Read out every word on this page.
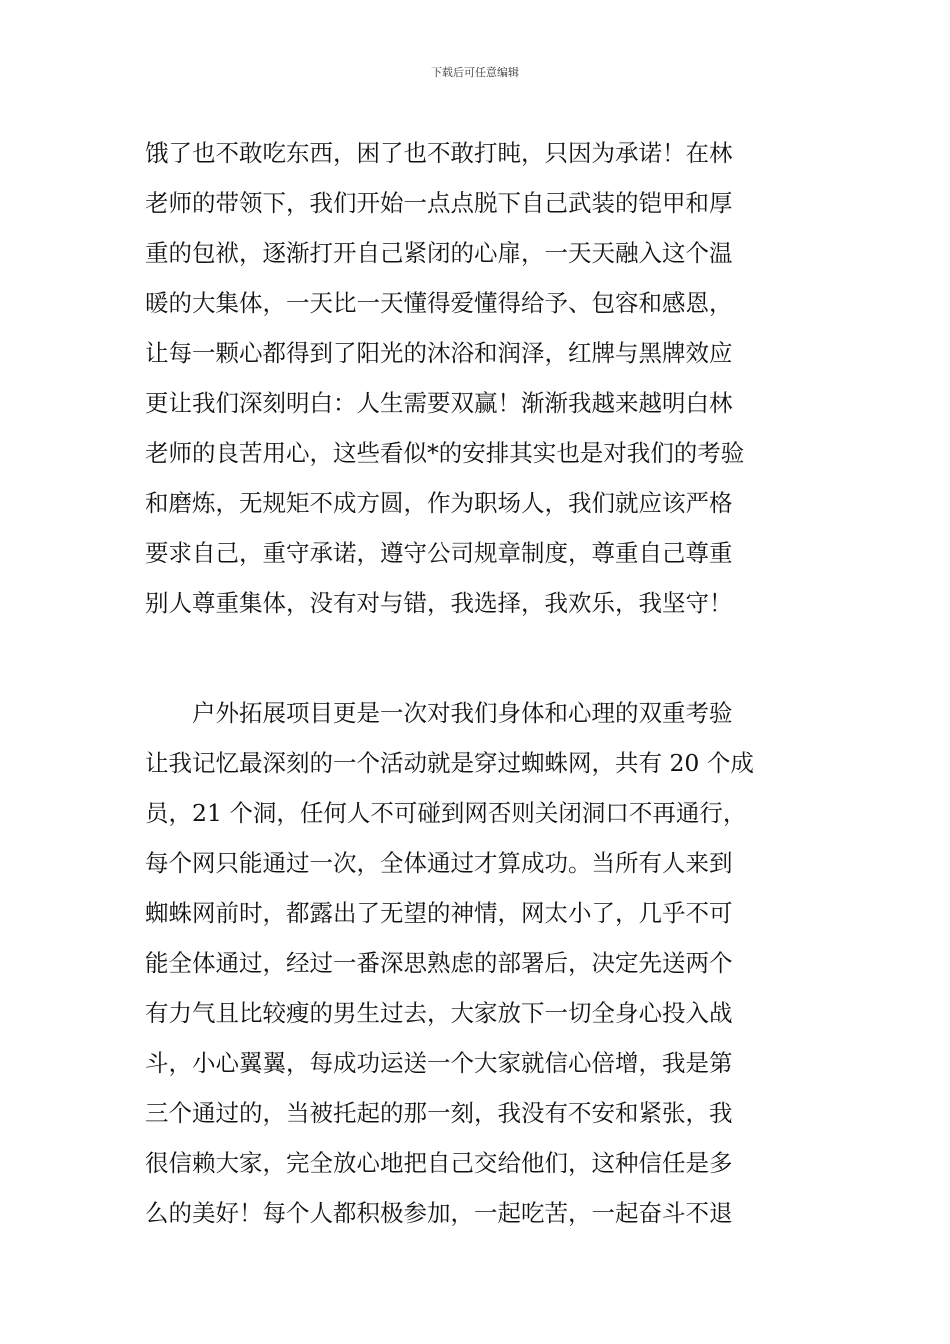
下载后可任意编辑
饿了也不敢吃东西，困了也不敢打盹，只因为承诺！在林
老师的带领下，我们开始一点点脱下自己武装的铠甲和厚
重的包袱，逐渐打开自己紧闭的心扉，一天天融入这个温
暖的大集体，一天比一天懂得爱懂得给予、包容和感恩，
让每一颗心都得到了阳光的沐浴和润泽，红牌与黑牌效应
更让我们深刻明白：人生需要双赢！渐渐我越来越明白林
老师的良苦用心，这些看似*的安排其实也是对我们的考验
和磨炼，无规矩不成方圆，作为职场人，我们就应该严格
要求自己，重守承诺，遵守公司规章制度，尊重自己尊重
别人尊重集体，没有对与错，我选择，我欢乐，我坚守！
户外拓展项目更是一次对我们身体和心理的双重考验
让我记忆最深刻的一个活动就是穿过蜘蛛网，共有 20 个成
员，21 个洞，任何人不可碰到网否则关闭洞口不再通行，
每个网只能通过一次，全体通过才算成功。当所有人来到
蜘蛛网前时，都露出了无望的神情，网太小了，几乎不可
能全体通过，经过一番深思熟虑的部署后，决定先送两个
有力气且比较瘦的男生过去，大家放下一切全身心投入战
斗，小心翼翼，每成功运送一个大家就信心倍增，我是第
三个通过的，当被托起的那一刻，我没有不安和紧张，我
很信赖大家，完全放心地把自己交给他们，这种信任是多
么的美好！每个人都积极参加，一起吃苦，一起奋斗不退
